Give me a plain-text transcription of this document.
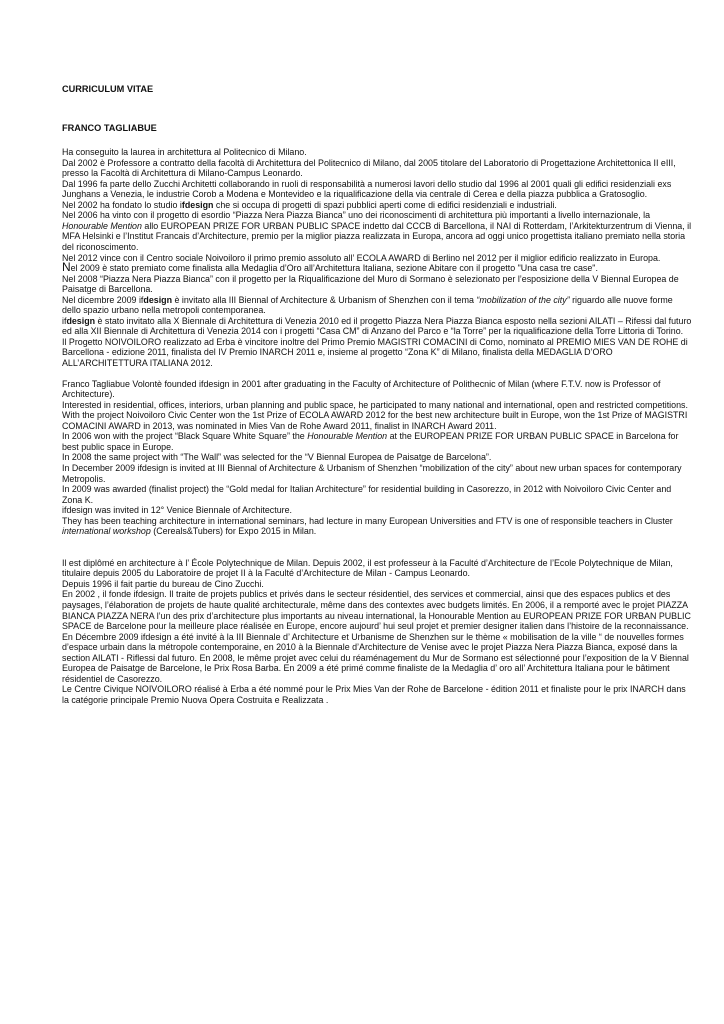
CURRICULUM VITAE

FRANCO TAGLIABUE

Ha conseguito la laurea in architettura al Politecnico di Milano.

Dal 2002 è Professore a contratto della facoltà di Architettura del Politecnico di Milano, dal 2005 titolare del Laboratorio di Progettazione Architettonica II eIII, presso la Facoltà di Architettura di Milano-Campus Leonardo.

Dal 1996 fa parte dello Zucchi Architetti collaborando in ruoli di responsabilità a numerosi lavori dello studio dal 1996 al 2001 quali gli edifici residenziali exs Junghans a Venezia, le industrie Corob a Modena e Montevideo e la riqualificazione della via centrale di Cerea e della piazza pubblica a Gratosoglio.

Nel 2002 ha fondato lo studio ifdesign che si occupa di progetti di spazi pubblici aperti come di edifici residenziali e industriali.

Nel 2006 ha vinto con il progetto di esordio “Piazza Nera Piazza Bianca” uno dei riconoscimenti di architettura più importanti a livello internazionale, la Honourable Mention allo EUROPEAN PRIZE FOR URBAN PUBLIC SPACE indetto dal CCCB di Barcellona, il NAI di Rotterdam, l’Arkitekturzentrum di Vienna, il MFA Helsinki e l’Institut Francais d’Architecture, premio per la miglior piazza realizzata in Europa, ancora ad oggi unico progettista italiano premiato nella storia del riconoscimento.

Nel 2012 vince con il Centro sociale Noivoiloro il primo premio assoluto all’ ECOLA AWARD di Berlino nel 2012 per il miglior edificio realizzato in Europa.

Nel 2009 è stato premiato come finalista alla Medaglia d’Oro all’Architettura Italiana, sezione Abitare con il progetto "Una casa tre case".

Nel 2008 “Piazza Nera Piazza Bianca” con il progetto per la Riqualificazione del Muro di Sormano è selezionato per l’esposizione della V Biennal Europea de Paisatge di Barcellona.

Nel dicembre 2009 ifdesign è invitato alla III Biennal of Architecture & Urbanism of Shenzhen con il tema “mobilization of the city” riguardo alle nuove forme dello spazio urbano nella metropoli contemporanea.

ifdesign è stato invitato alla X Biennale di Architettura di Venezia 2010 ed il progetto Piazza Nera Piazza Bianca esposto nella sezioni AILATI – Rifessi dal futuro ed alla XII Biennale di Architettura di Venezia 2014 con i progetti “Casa CM” di Anzano del Parco e “la Torre” per la riqualificazione della Torre Littoria di Torino.

Il Progetto NOIVOILORO realizzato ad Erba è vincitore inoltre del Primo Premio MAGISTRI COMACINI di Como, nominato al PREMIO MIES VAN DE ROHE di Barcellona - edizione 2011, finalista del IV Premio INARCH 2011 e, insieme al progetto “Zona K” di Milano, finalista della MEDAGLIA D’ORO ALL’ARCHITETTURA ITALIANA 2012.

Franco Tagliabue Volontè founded ifdesign in 2001 after graduating in the Faculty of Architecture of Polithecnic of Milan (where F.T.V. now is Professor of Architecture).

Interested in residential, offices, interiors, urban planning and public space, he participated to many national and international, open and restricted competitions.

With the project Noivoiloro Civic Center won the 1st Prize of ECOLA AWARD 2012 for the best new architecture built in Europe, won the 1st Prize of MAGISTRI COMACINI AWARD in 2013, was nominated in Mies Van de Rohe Award 2011, finalist in INARCH Award 2011.

In 2006 won with the project “Black Square White Square” the Honourable Mention at the EUROPEAN PRIZE FOR URBAN PUBLIC SPACE in Barcelona for best public space in Europe.

In 2008 the same project with “The Wall” was selected for the “V Biennal Europea de Paisatge de Barcelona”.

In December 2009 ifdesign is invited at III Biennal of Architecture & Urbanism of Shenzhen “mobilization of the city” about new urban spaces for contemporary Metropolis.

In 2009 was awarded (finalist project) the “Gold medal for Italian Architecture” for residential building in Casorezzo, in 2012 with Noivoiloro Civic Center and Zona K.

ifdesign was invited in 12° Venice Biennale of Architecture.

They has been teaching architecture in international seminars, had lecture in many European Universities and FTV is one of responsible teachers in Cluster international workshop (Cereals&Tubers) for Expo 2015 in Milan.

Il est diplômé en architecture à l’ École Polytechnique de Milan. Depuis 2002, il est professeur à la Faculté d’Architecture de l’Ecole Polytechnique de Milan, titulaire depuis 2005 du Laboratoire de projet II à la Faculté d’Architecture de Milan - Campus Leonardo.

Depuis 1996 il fait partie du bureau de Cino Zucchi.

En 2002 , il fonde ifdesign. Il traite de projets publics et privés dans le secteur résidentiel, des services et commercial, ainsi que des espaces publics et des paysages, l’élaboration de projets de haute qualité architecturale, même dans des contextes avec budgets limités. En 2006, il a remporté avec le projet PIAZZA BIANCA PIAZZA NERA l’un des prix d’architecture plus importants au niveau international, la Honourable Mention au EUROPEAN PRIZE FOR URBAN PUBLIC SPACE de Barcelone pour la meilleure place réalisée en Europe, encore aujourd’ hui seul projet et premier designer italien dans l’histoire de la reconnaissance.

En Décembre 2009 ifdesign a été invité à la III Biennale d’ Architecture et Urbanisme de Shenzhen sur le thème « mobilisation de la ville “ de nouvelles formes d’espace urbain dans la métropole contemporaine, en 2010 à la Biennale d’Architecture de Venise avec le projet Piazza Nera Piazza Bianca, exposé dans la section AILATI - Riflessi dal futuro. En 2008, le même projet avec celui du réaménagement du Mur de Sormano est sélectionné pour l’exposition de la V Biennal Europea de Paisatge de Barcelone, le Prix Rosa Barba. En 2009 a été primé comme finaliste de la Medaglia d’ oro all’ Architettura Italiana pour le bâtiment résidentiel de Casorezzo.

Le Centre Civique NOIVOILORO réalisé à Erba a été nommé pour le Prix Mies Van der Rohe de Barcelone - édition 2011 et finaliste pour le prix INARCH dans la catégorie principale Premio Nuova Opera Costruita e Realizzata .
